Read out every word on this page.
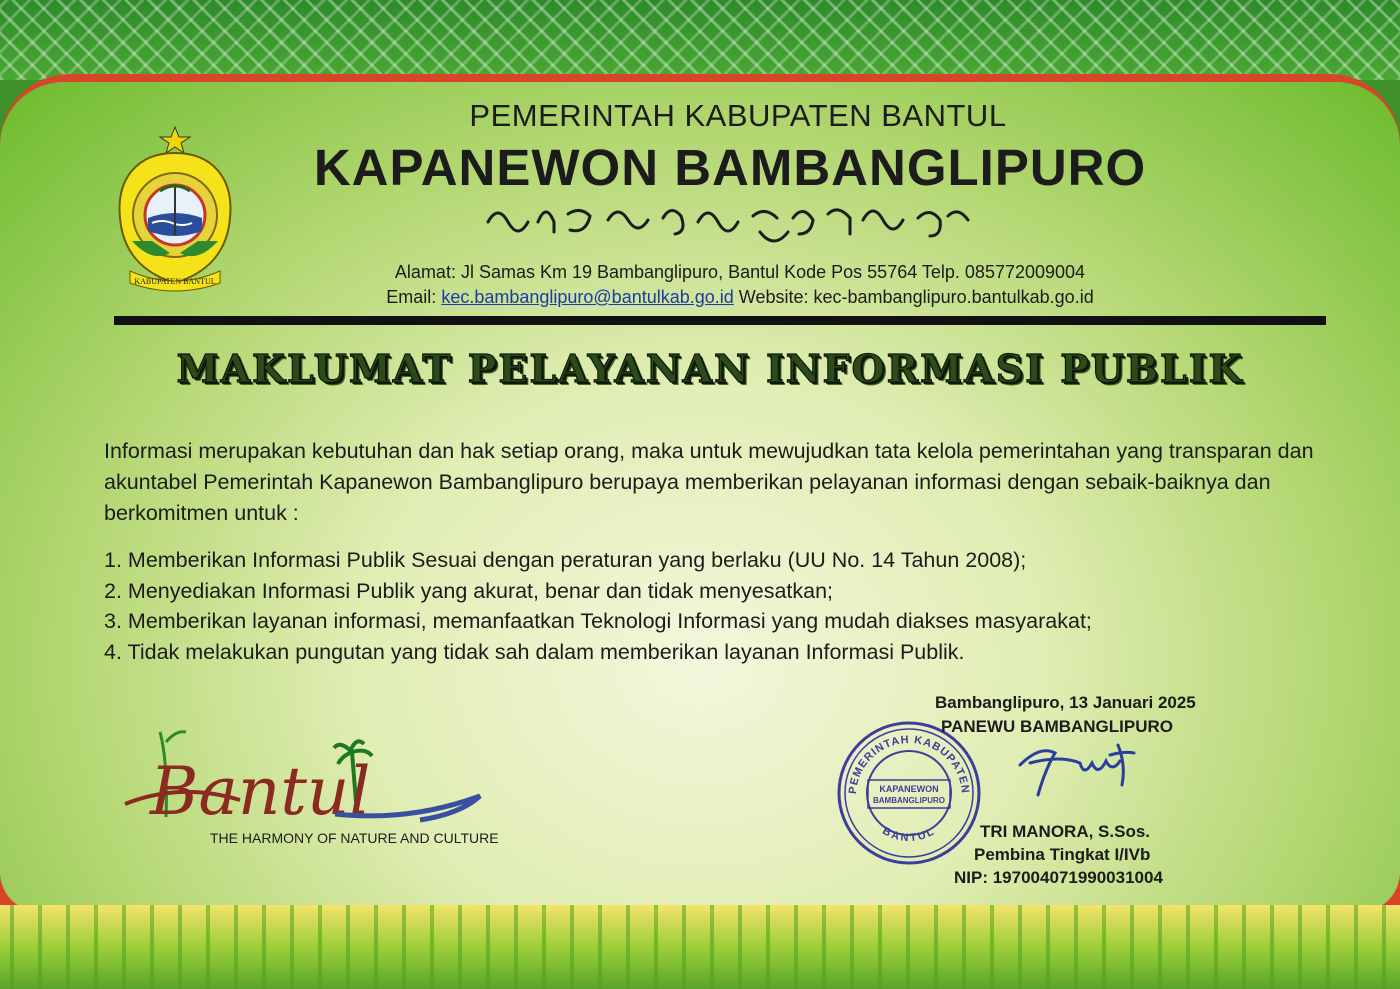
KABUPATEN BANTUL
PEMERINTAH KABUPATEN BANTUL
KAPANEWON BAMBANGLIPURO
Alamat: Jl Samas Km 19 Bambanglipuro, Bantul Kode Pos 55764 Telp. 085772009004
Email: kec.bambanglipuro@bantulkab.go.id Website: kec-bambanglipuro.bantulkab.go.id
MAKLUMAT PELAYANAN INFORMASI PUBLIK
Informasi merupakan kebutuhan dan hak setiap orang, maka untuk mewujudkan tata kelola pemerintahan yang transparan dan akuntabel Pemerintah Kapanewon Bambanglipuro berupaya memberikan pelayanan informasi dengan sebaik-baiknya dan berkomitmen untuk :
1. Memberikan Informasi Publik Sesuai dengan peraturan yang berlaku (UU No. 14 Tahun 2008);
2. Menyediakan Informasi Publik yang akurat, benar dan tidak menyesatkan;
3. Memberikan layanan informasi, memanfaatkan Teknologi Informasi yang mudah diakses masyarakat;
4. Tidak melakukan pungutan yang tidak sah dalam memberikan layanan Informasi Publik.
Bantul
THE HARMONY OF NATURE AND CULTURE
PEMERINTAH KABUPATEN
BANTUL
KAPANEWON
BAMBANGLIPURO
Bambanglipuro, 13 Januari 2025
PANEWU BAMBANGLIPURO
TRI MANORA, S.Sos.
Pembina Tingkat I/IVb
NIP: 197004071990031004
